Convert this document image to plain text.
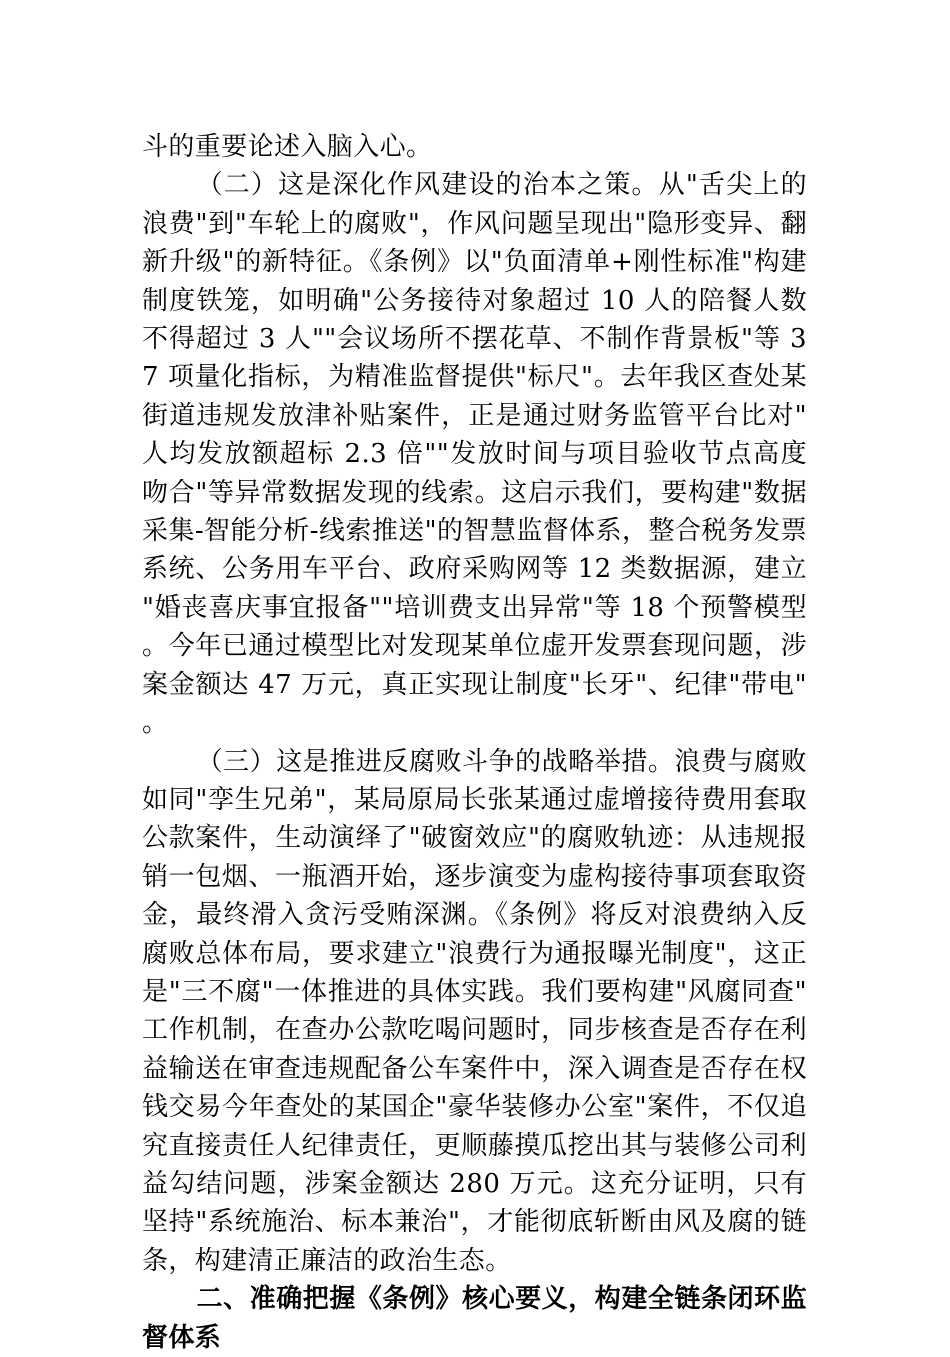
斗的重要论述入脑入心。

（二）这是深化作风建设的治本之策。从"舌尖上的浪费"到"车轮上的腐败"，作风问题呈现出"隐形变异、翻新升级"的新特征。《条例》以"负面清单+刚性标准"构建制度铁笼，如明确"公务接待对象超过 10 人的陪餐人数不得超过 3 人""会议场所不摆花草、不制作背景板"等 37 项量化指标，为精准监督提供"标尺"。去年我区查处某街道违规发放津补贴案件，正是通过财务监管平台比对"人均发放额超标 2.3 倍""发放时间与项目验收节点高度吻合"等异常数据发现的线索。这启示我们，要构建"数据采集-智能分析-线索推送"的智慧监督体系，整合税务发票系统、公务用车平台、政府采购网等 12 类数据源，建立"婚丧喜庆事宜报备""培训费支出异常"等 18 个预警模型。今年已通过模型比对发现某单位虚开发票套现问题，涉案金额达 47 万元，真正实现让制度"长牙"、纪律"带电"。

（三）这是推进反腐败斗争的战略举措。浪费与腐败如同"孪生兄弟"，某局原局长张某通过虚增接待费用套取公款案件，生动演绎了"破窗效应"的腐败轨迹：从违规报销一包烟、一瓶酒开始，逐步演变为虚构接待事项套取资金，最终滑入贪污受贿深渊。《条例》将反对浪费纳入反腐败总体布局，要求建立"浪费行为通报曝光制度"，这正是"三不腐"一体推进的具体实践。我们要构建"风腐同查"工作机制，在查办公款吃喝问题时，同步核查是否存在利益输送在审查违规配备公车案件中，深入调查是否存在权钱交易今年查处的某国企"豪华装修办公室"案件，不仅追究直接责任人纪律责任，更顺藤摸瓜挖出其与装修公司利益勾结问题，涉案金额达 280 万元。这充分证明，只有坚持"系统施治、标本兼治"，才能彻底斩断由风及腐的链条，构建清正廉洁的政治生态。

二、准确把握《条例》核心要义，构建全链条闭环监督体系
